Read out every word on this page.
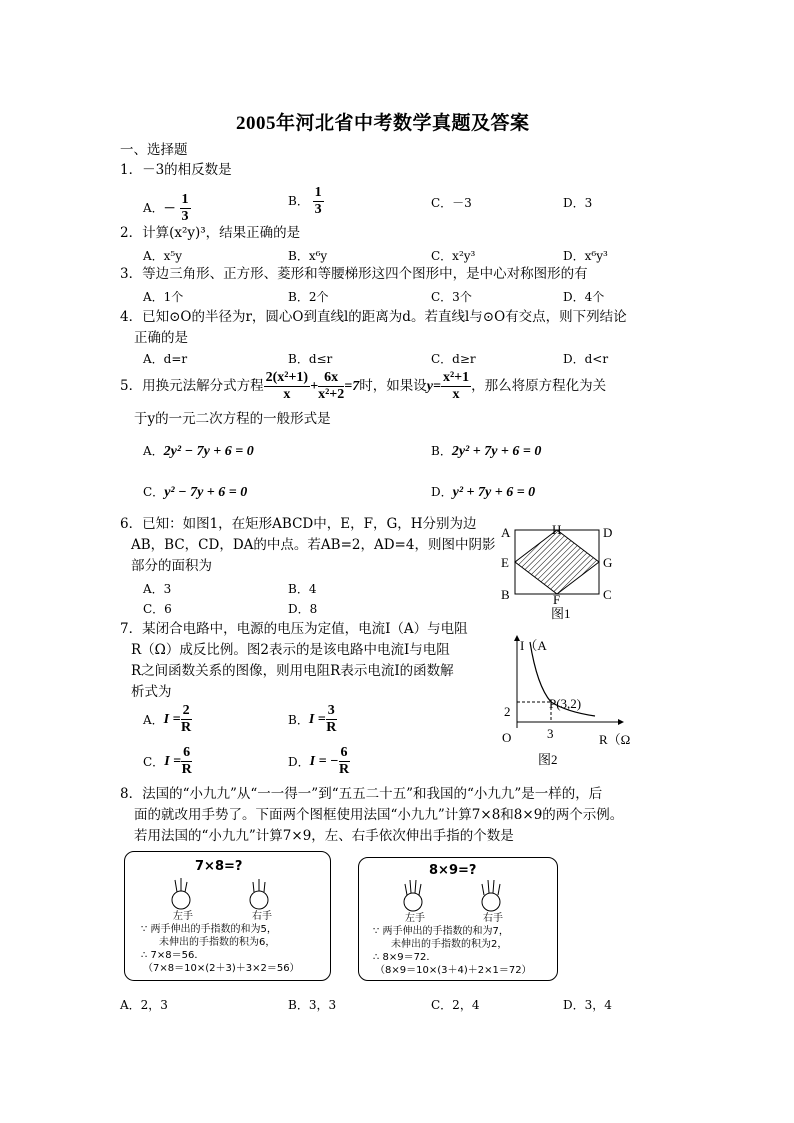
2005年河北省中考数学真题及答案
一、选择题
1．－3的相反数是
A．－ $\frac{1}{3}$	B． $\frac{1}{3}$	C．－3	D．3
2．计算(x²y)³，结果正确的是
A．x⁵y	B．x⁶y	C．x²y³	D．x⁶y³
3．等边三角形、正方形、菱形和等腰梯形这四个图形中，是中心对称图形的有
A．1个	B．2个	C．3个	D．4个
4．已知⊙O的半径为r，圆心O到直线l的距离为d。若直线l与⊙O有交点，则下列结论
正确的是
A．d=r	B．d≤r	C．d≥r	D．d<r
5．用换元法解分式方程 $\frac{\text{2(x²+1)}}{x} + \frac{6x}{\text{x²+2}} =7$ 时，如果设 $y= \frac{\text{x²+1}}{x}$ ，那么将原方程化为关
于y的一元二次方程的一般形式是
A．2y² − 7y + 6 = 0	B．2y² + 7y + 6 = 0
C．y² − 7y + 6 = 0	D．y² + 7y + 6 = 0
6．已知：如图1，在矩形ABCD中，E，F，G，H分别为边
AB，BC，CD，DA的中点。若AB=2，AD=4，则图中阴影
部分的面积为
A．3	B．4
C．6	D．8
A	H	D
E	G
B	F	C
图1
7．某闭合电路中，电源的电压为定值，电流I（A）与电阻
R（Ω）成反比例。图2表示的是该电路中电流I与电阻
R之间函数关系的图像，则用电阻R表示电流I的函数解
析式为
A． $I = \frac{2}{R}$	B． $I = \frac{3}{R}$
C． $I = \frac{6}{R}$	D． I = − $\frac{6}{R}$
I（A
R（Ω
P(3,2)
2
3
O
图2
8．法国的“小九九”从“一一得一”到“五五二十五”和我国的“小九九”是一样的，后
面的就改用手势了。下面两个图框使用法国“小九九”计算7×8和8×9的两个示例。
若用法国的“小九九”计算7×9，左、右手依次伸出手指的个数是
7×8=?
左手	右手
∵ 两手伸出的手指数的和为5，
未伸出的手指数的积为6，
∴ 7×8＝56．
（7×8＝10×(2＋3)＋3×2＝56）
8×9=?
左手	右手
∵ 两手伸出的手指数的和为7，
未伸出的手指数的积为2，
∴ 8×9＝72．
（8×9＝10×(3＋4)＋2×1＝72）
A．2，3	B．3，3	C．2，4	D．3，4
